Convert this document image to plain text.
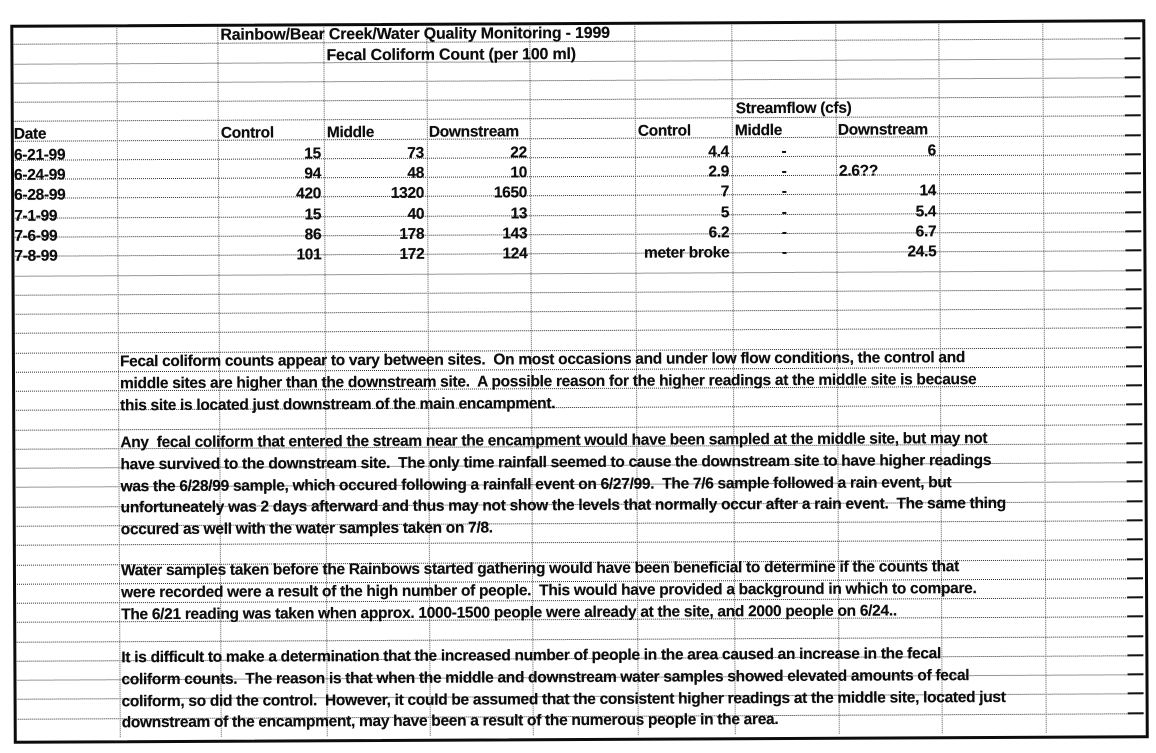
Rainbow/Bear Creek/Water Quality Monitoring - 1999
Fecal Coliform Count (per 100 ml)
Streamflow (cfs)
Date	Control	Middle	Downstream	Control	Middle	Downstream
6-21-99	15	73	22	4.4	-	6
6-24-99	94	48	10	2.9	-	2.6??
6-28-99	420	1320	1650	7	-	14
7-1-99	15	40	13	5	-	5.4
7-6-99	86	178	143	6.2	-	6.7
7-8-99	101	172	124	meter broke	-	24.5
Fecal coliform counts appear to vary between sites.  On most occasions and under low flow conditions, the control and
middle sites are higher than the downstream site.  A possible reason for the higher readings at the middle site is because
this site is located just downstream of the main encampment.
Any  fecal coliform that entered the stream near the encampment would have been sampled at the middle site, but may not
have survived to the downstream site.  The only time rainfall seemed to cause the downstream site to have higher readings
was the 6/28/99 sample, which occured following a rainfall event on 6/27/99.  The 7/6 sample followed a rain event, but
unfortuneately was 2 days afterward and thus may not show the levels that normally occur after a rain event.  The same thing
occured as well with the water samples taken on 7/8.
Water samples taken before the Rainbows started gathering would have been beneficial to determine if the counts that
were recorded were a result of the high number of people.  This would have provided a background in which to compare.
The 6/21 reading was taken when approx. 1000-1500 people were already at the site, and 2000 people on 6/24..
It is difficult to make a determination that the increased number of people in the area caused an increase in the fecal
coliform counts.  The reason is that when the middle and downstream water samples showed elevated amounts of fecal
coliform, so did the control.  However, it could be assumed that the consistent higher readings at the middle site, located just
downstream of the encampment, may have been a result of the numerous people in the area.
